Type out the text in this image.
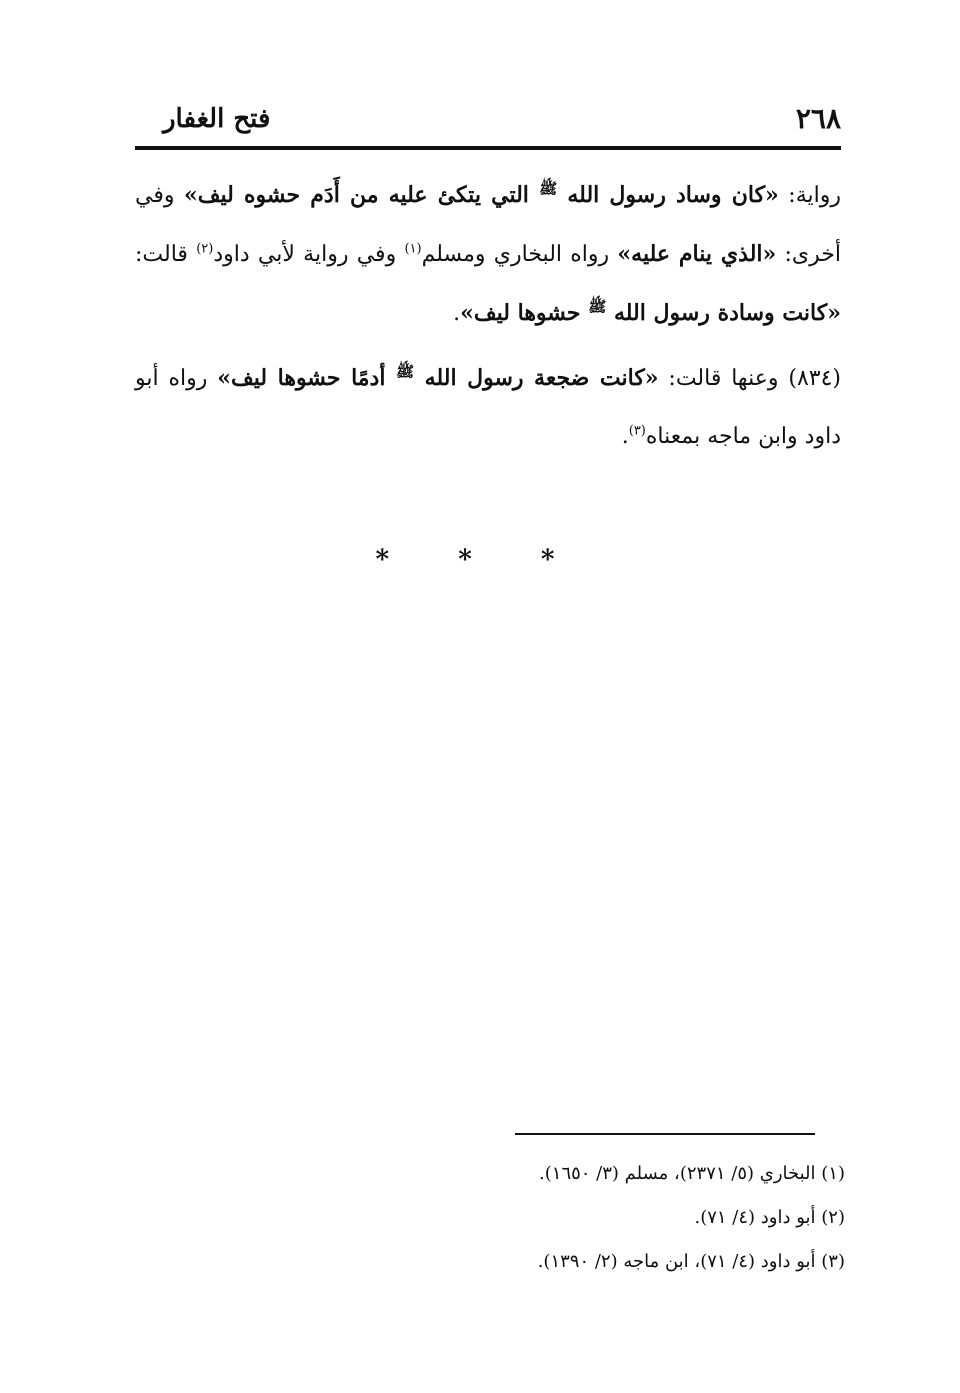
فتح الغفار	٢٦٨

رواية: «كان وساد رسول الله $^ﷺ$ التي يتكئ عليه من أَدَم حشوه ليف» وفي أخرى: «الذي ينام عليه» رواه البخاري ومسلم$^{(١)}$ وفي رواية لأبي داود$^{(٢)}$ قالت: «كانت وسادة رسول الله $^ﷺ$ حشوها ليف».

(٨٣٤) وعنها قالت: «كانت ضجعة رسول الله $^ﷺ$ أدمًا حشوها ليف» رواه أبو داود وابن ماجه بمعناه$^{(٣)}$.

* * *
(١) البخاري (٥/ ٢٣٧١)، مسلم (٣/ ١٦٥٠).
(٢) أبو داود (٤/ ٧١).
(٣) أبو داود (٤/ ٧١)، ابن ماجه (٢/ ١٣٩٠).
